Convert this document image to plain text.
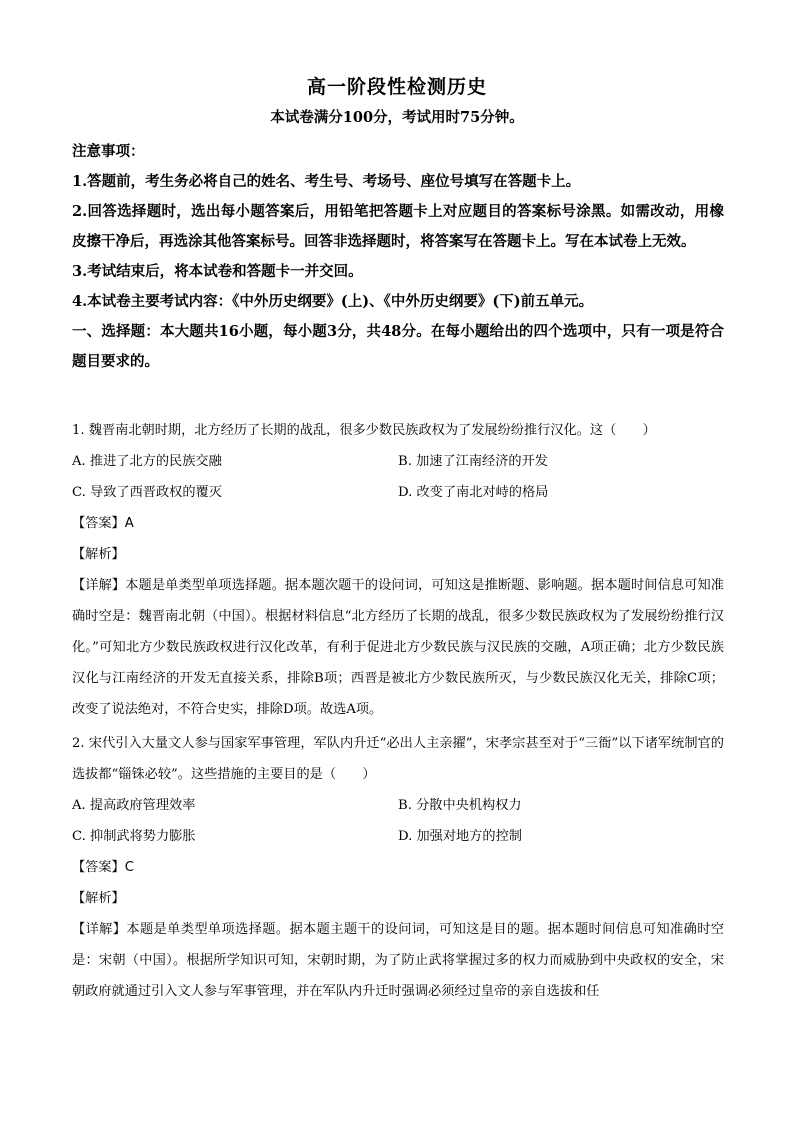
高一阶段性检测历史
本试卷满分100分，考试用时75分钟。

注意事项：

1.答题前，考生务必将自己的姓名、考生号、考场号、座位号填写在答题卡上。

2.回答选择题时，选出每小题答案后，用铅笔把答题卡上对应题目的答案标号涂黑。如需改动，用橡皮擦干净后，再选涂其他答案标号。回答非选择题时，将答案写在答题卡上。写在本试卷上无效。

3.考试结束后，将本试卷和答题卡一并交回。

4.本试卷主要考试内容：《中外历史纲要》(上)、《中外历史纲要》(下)前五单元。

一、选择题：本大题共16小题，每小题3分，共48分。在每小题给出的四个选项中，只有一项是符合题目要求的。

1. 魏晋南北朝时期，北方经历了长期的战乱，很多少数民族政权为了发展纷纷推行汉化。这（　　）

A. 推进了北方的民族交融	B. 加速了江南经济的开发
C. 导致了西晋政权的覆灭	D. 改变了南北对峙的格局

【答案】A

【解析】

【详解】本题是单类型单项选择题。据本题次题干的设问词，可知这是推断题、影响题。据本题时间信息可知准确时空是：魏晋南北朝（中国）。根据材料信息“北方经历了长期的战乱，很多少数民族政权为了发展纷纷推行汉化。”可知北方少数民族政权进行汉化改革，有利于促进北方少数民族与汉民族的交融，A项正确；北方少数民族汉化与江南经济的开发无直接关系，排除B项；西晋是被北方少数民族所灭，与少数民族汉化无关，排除C项；改变了说法绝对，不符合史实，排除D项。故选A项。

2. 宋代引入大量文人参与国家军事管理，军队内升迁“必出人主亲擢”，宋孝宗甚至对于“三衙”以下诸军统制官的选拔都“锱铢必较”。这些措施的主要目的是（　　）

A. 提高政府管理效率	B. 分散中央机构权力
C. 抑制武将势力膨胀	D. 加强对地方的控制

【答案】C

【解析】

【详解】本题是单类型单项选择题。据本题主题干的设问词，可知这是目的题。据本题时间信息可知准确时空是：宋朝（中国）。根据所学知识可知，宋朝时期，为了防止武将掌握过多的权力而威胁到中央政权的安全，宋朝政府就通过引入文人参与军事管理，并在军队内升迁时强调必须经过皇帝的亲自选拔和任
